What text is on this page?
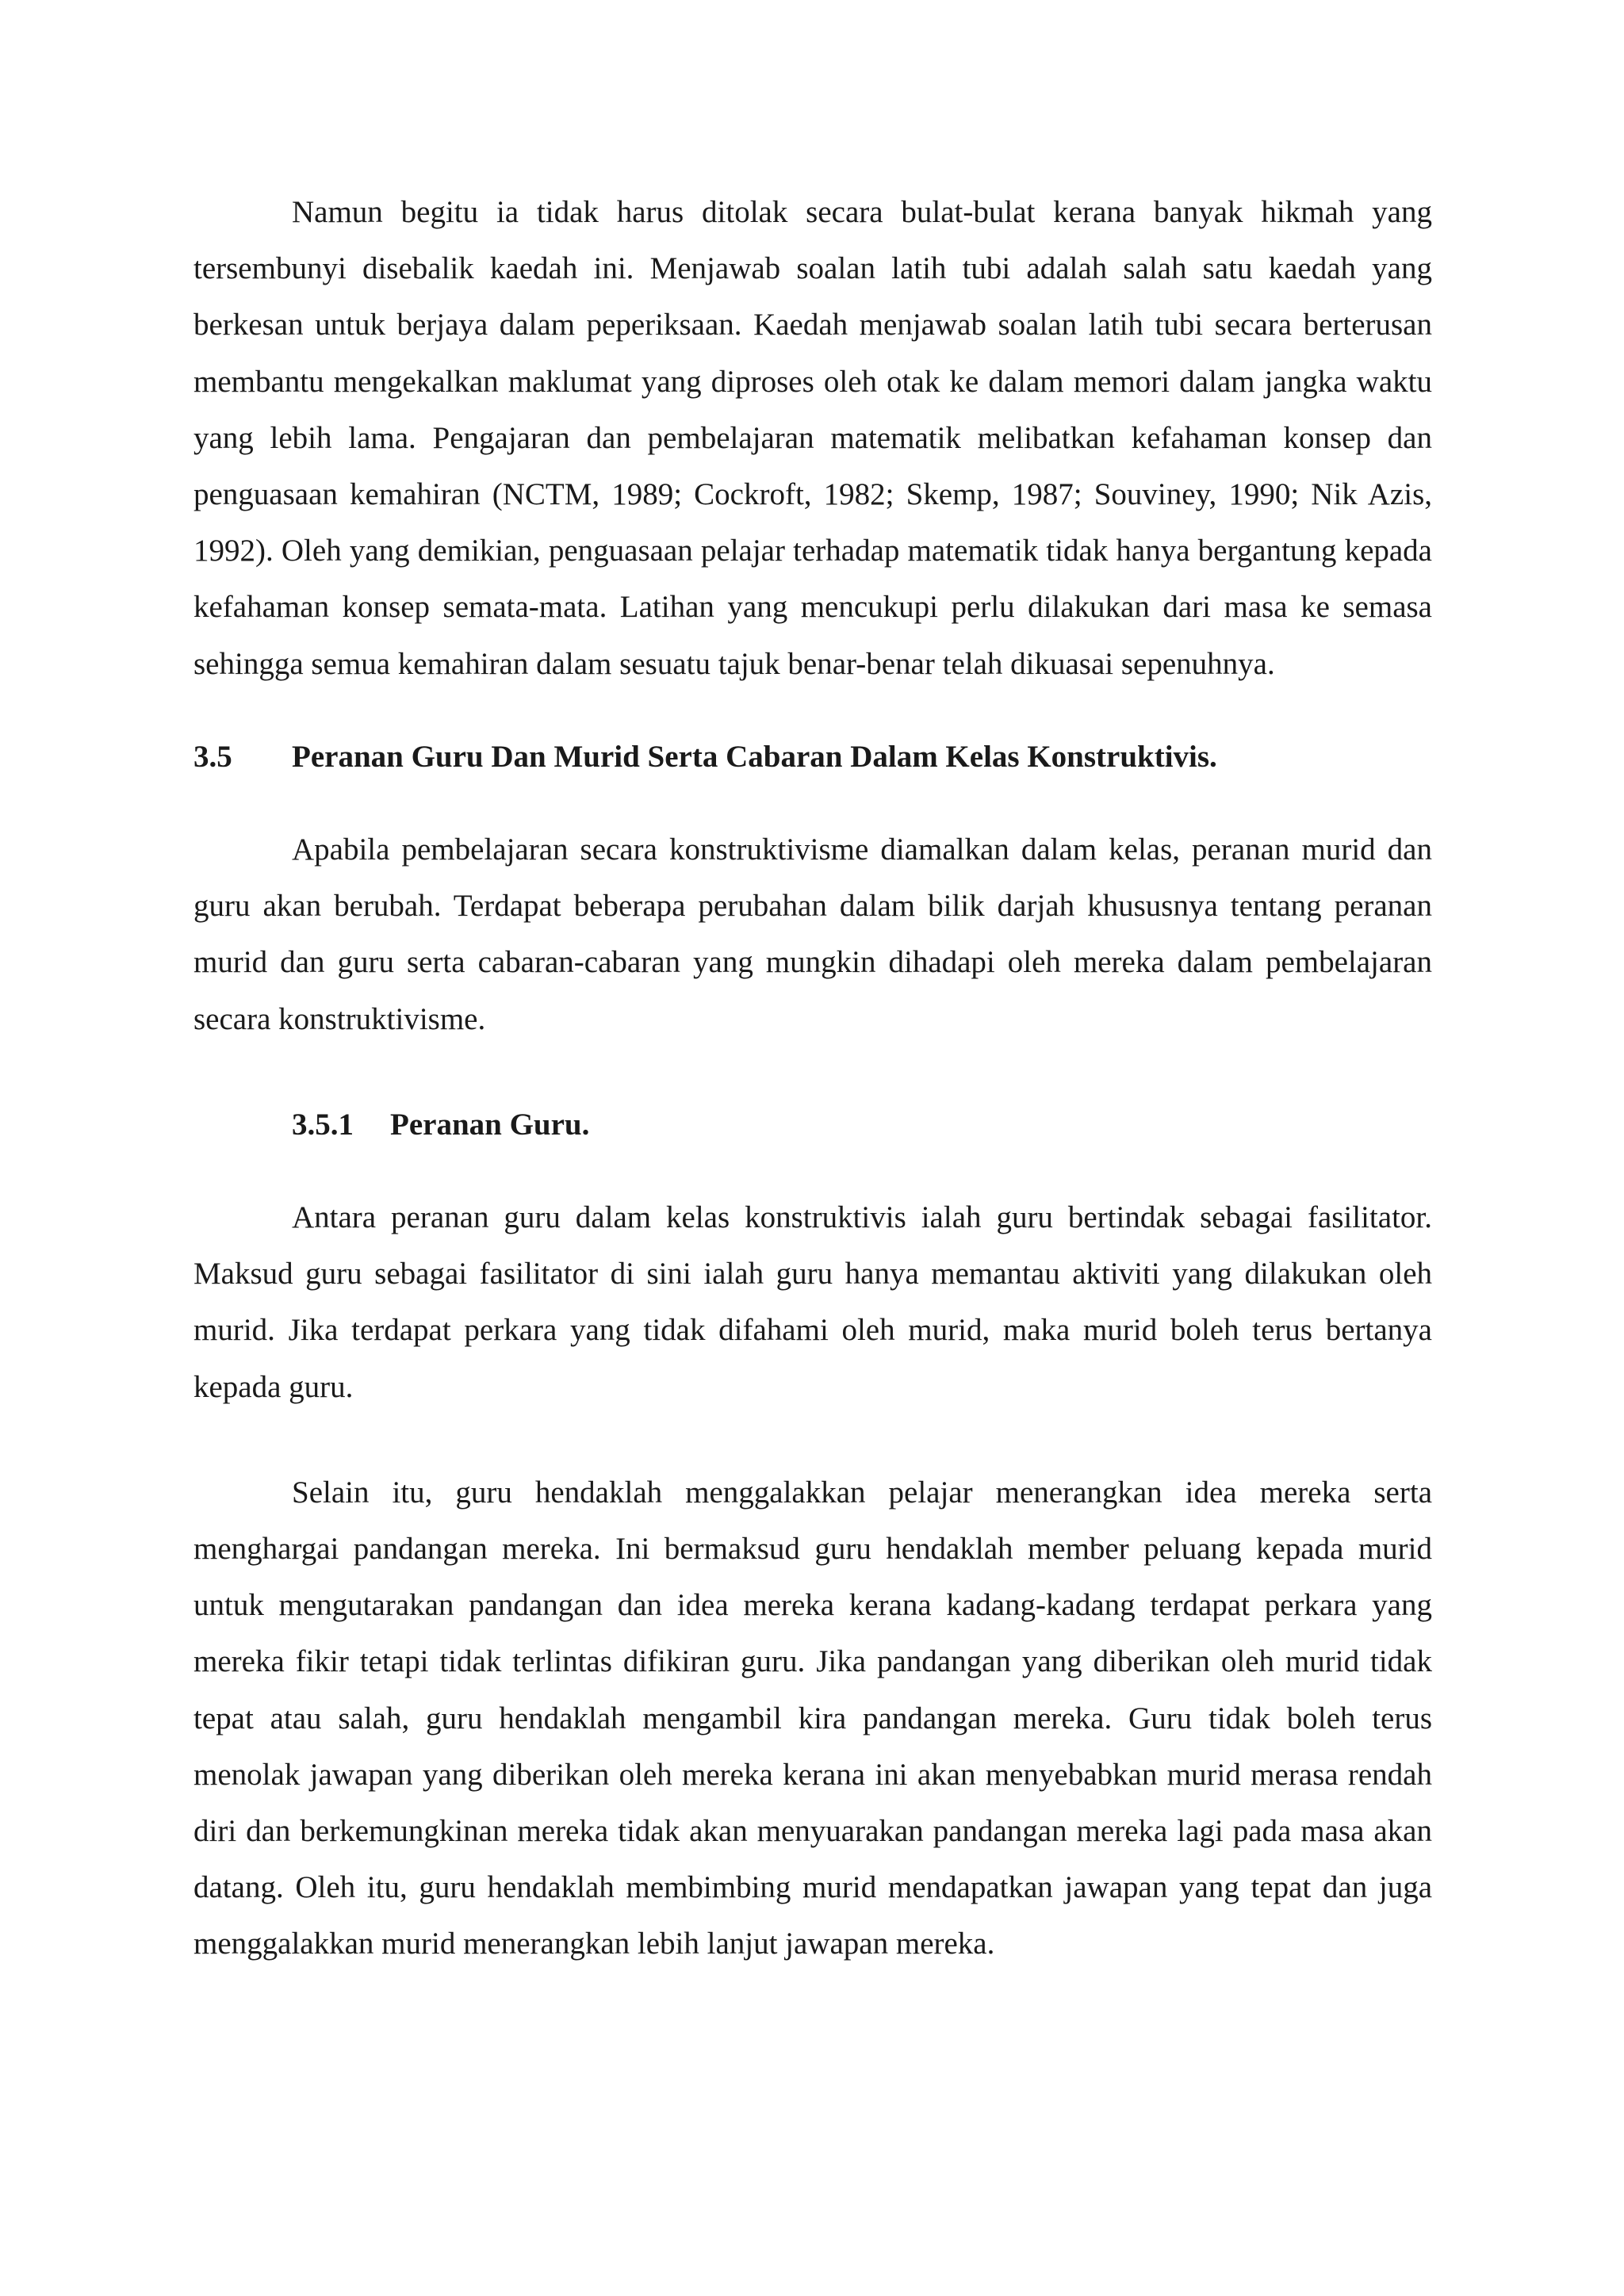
Namun begitu ia tidak harus ditolak secara bulat-bulat kerana banyak hikmah yang tersembunyi disebalik kaedah ini. Menjawab soalan latih tubi adalah salah satu kaedah yang berkesan untuk berjaya dalam peperiksaan. Kaedah menjawab soalan latih tubi secara berterusan membantu mengekalkan maklumat yang diproses oleh otak ke dalam memori dalam jangka waktu yang lebih lama. Pengajaran dan pembelajaran matematik melibatkan kefahaman konsep dan penguasaan kemahiran (NCTM, 1989; Cockroft, 1982; Skemp, 1987; Souviney, 1990; Nik Azis, 1992). Oleh yang demikian, penguasaan pelajar terhadap matematik tidak hanya bergantung kepada kefahaman konsep semata-mata. Latihan yang mencukupi perlu dilakukan dari masa ke semasa sehingga semua kemahiran dalam sesuatu tajuk benar-benar telah dikuasai sepenuhnya.

3.5	Peranan Guru Dan Murid Serta Cabaran Dalam Kelas Konstruktivis.

Apabila pembelajaran secara konstruktivisme diamalkan dalam kelas, peranan murid dan guru akan berubah. Terdapat beberapa perubahan dalam bilik darjah khususnya tentang peranan murid dan guru serta cabaran-cabaran yang mungkin dihadapi oleh mereka dalam pembelajaran secara konstruktivisme.

3.5.1	Peranan Guru.

Antara peranan guru dalam kelas konstruktivis ialah guru bertindak sebagai fasilitator. Maksud guru sebagai fasilitator di sini ialah guru hanya memantau aktiviti yang dilakukan oleh murid. Jika terdapat perkara yang tidak difahami oleh murid, maka murid boleh terus bertanya kepada guru.

Selain itu, guru hendaklah menggalakkan pelajar menerangkan idea mereka serta menghargai pandangan mereka. Ini bermaksud guru hendaklah member peluang kepada murid untuk mengutarakan pandangan dan idea mereka kerana kadang-kadang terdapat perkara yang mereka fikir tetapi tidak terlintas difikiran guru. Jika pandangan yang diberikan oleh murid tidak tepat atau salah, guru hendaklah mengambil kira pandangan mereka. Guru tidak boleh terus menolak jawapan yang diberikan oleh mereka kerana ini akan menyebabkan murid merasa rendah diri dan berkemungkinan mereka tidak akan menyuarakan pandangan mereka lagi pada masa akan datang. Oleh itu, guru hendaklah membimbing murid mendapatkan jawapan yang tepat dan juga menggalakkan murid menerangkan lebih lanjut jawapan mereka.
